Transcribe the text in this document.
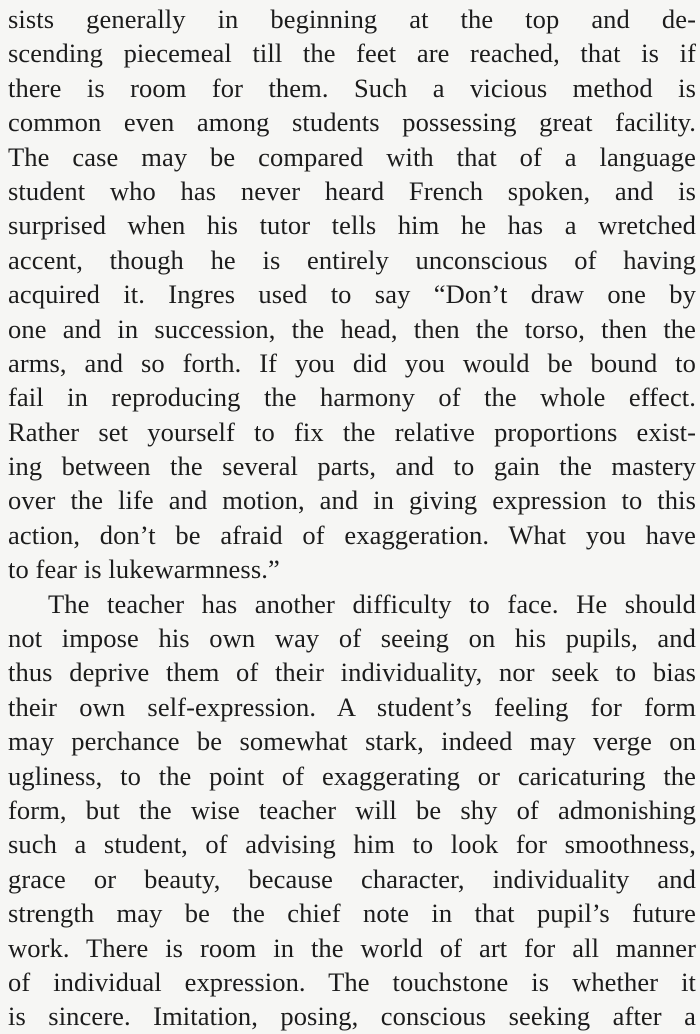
sists generally in beginning at the top and de-
scending piecemeal till the feet are reached, that is if
there is room for them. Such a vicious method is
common even among students possessing great facility.
The case may be compared with that of a language
student who has never heard French spoken, and is
surprised when his tutor tells him he has a wretched
accent, though he is entirely unconscious of having
acquired it. Ingres used to say “Don’t draw one by
one and in succession, the head, then the torso, then the
arms, and so forth. If you did you would be bound to
fail in reproducing the harmony of the whole effect.
Rather set yourself to fix the relative proportions exist-
ing between the several parts, and to gain the mastery
over the life and motion, and in giving expression to this
action, don’t be afraid of exaggeration. What you have
to fear is lukewarmness.”
The teacher has another difficulty to face. He should
not impose his own way of seeing on his pupils, and
thus deprive them of their individuality, nor seek to bias
their own self-expression. A student’s feeling for form
may perchance be somewhat stark, indeed may verge on
ugliness, to the point of exaggerating or caricaturing the
form, but the wise teacher will be shy of admonishing
such a student, of advising him to look for smoothness,
grace or beauty, because character, individuality and
strength may be the chief note in that pupil’s future
work. There is room in the world of art for all manner
of individual expression. The touchstone is whether it
is sincere. Imitation, posing, conscious seeking after a
